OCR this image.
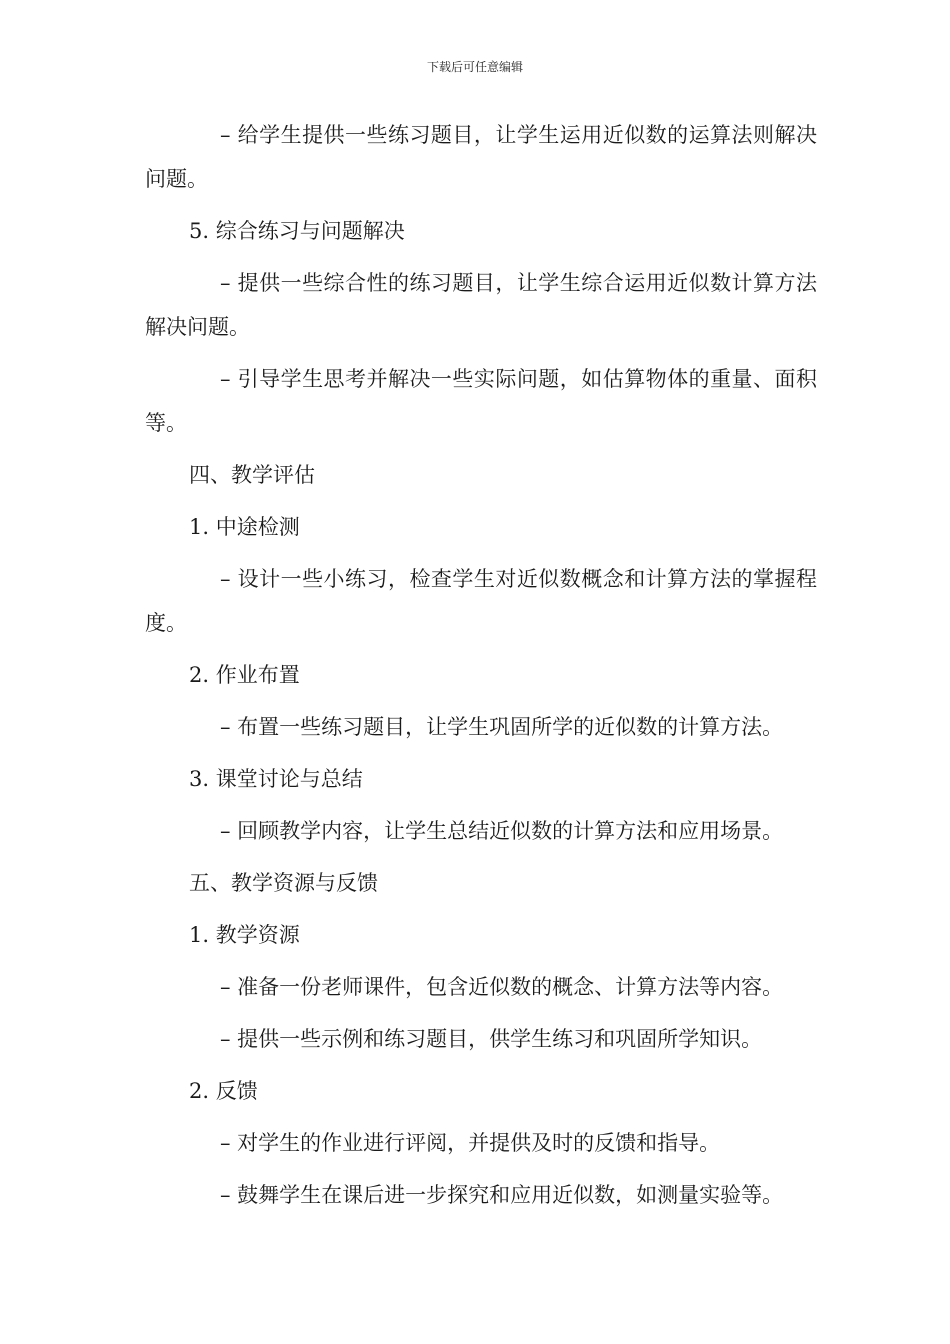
下载后可任意编辑

– 给学生提供一些练习题目，让学生运用近似数的运算法则解决问题。

5. 综合练习与问题解决

– 提供一些综合性的练习题目，让学生综合运用近似数计算方法解决问题。

– 引导学生思考并解决一些实际问题，如估算物体的重量、面积等。

四、教学评估

1. 中途检测

– 设计一些小练习，检查学生对近似数概念和计算方法的掌握程度。

2. 作业布置

– 布置一些练习题目，让学生巩固所学的近似数的计算方法。

3. 课堂讨论与总结

– 回顾教学内容，让学生总结近似数的计算方法和应用场景。

五、教学资源与反馈

1. 教学资源

– 准备一份老师课件，包含近似数的概念、计算方法等内容。

– 提供一些示例和练习题目，供学生练习和巩固所学知识。

2. 反馈

– 对学生的作业进行评阅，并提供及时的反馈和指导。

– 鼓舞学生在课后进一步探究和应用近似数，如测量实验等。
